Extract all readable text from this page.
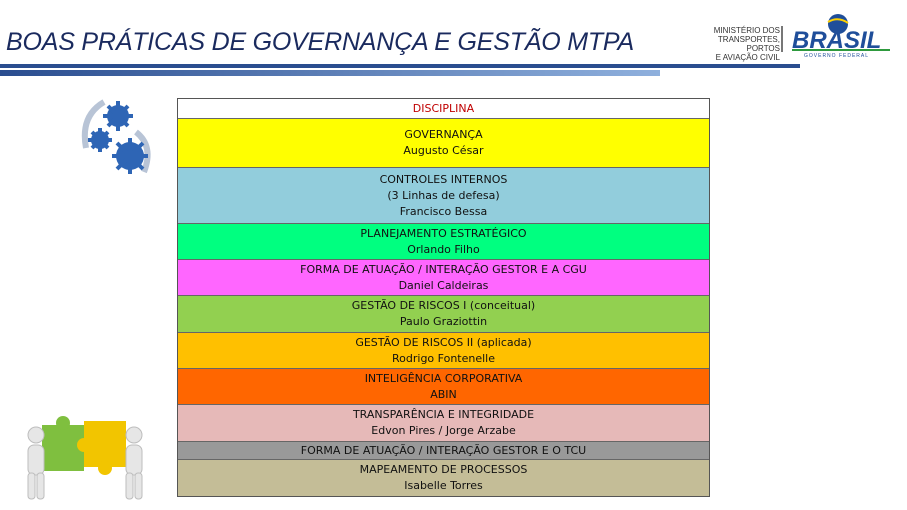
BOAS PRÁTICAS DE GOVERNANÇA E GESTÃO MTPA	MINISTÉRIO DOS
TRANSPORTES, PORTOS
E AVIAÇÃO CIVIL
BRASIL
GOVERNO FEDERAL
DISCIPLINA
GOVERNANÇA
Augusto César
CONTROLES INTERNOS
(3 Linhas de defesa)
Francisco Bessa
PLANEJAMENTO ESTRATÉGICO
Orlando Filho
FORMA DE ATUAÇÃO / INTERAÇÃO GESTOR E A CGU
Daniel Caldeiras
GESTÃO DE RISCOS I (conceitual)
Paulo Graziottin
GESTÃO DE RISCOS II (aplicada)
Rodrigo Fontenelle
INTELIGÊNCIA CORPORATIVA
ABIN
TRANSPARÊNCIA E INTEGRIDADE
Edvon Pires / Jorge Arzabe
FORMA DE ATUAÇÃO / INTERAÇÃO GESTOR E O TCU
MAPEAMENTO DE PROCESSOS
Isabelle Torres
